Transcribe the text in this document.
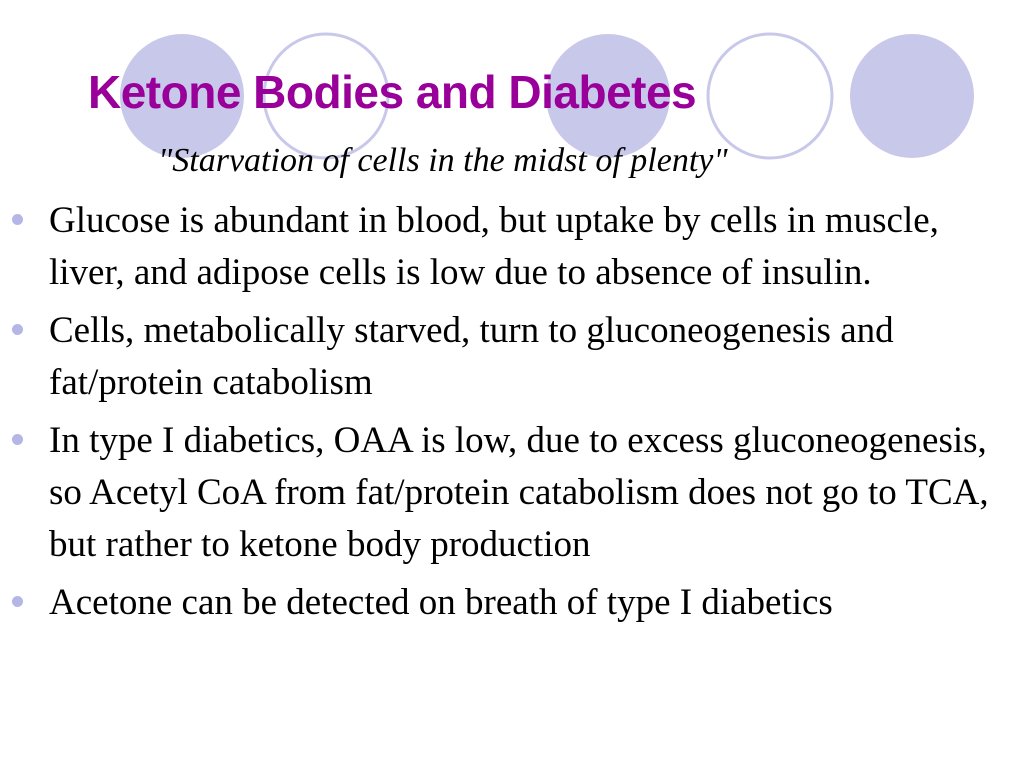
Ketone Bodies and Diabetes

"Starvation of cells in the midst of plenty"

Glucose is abundant in blood, but uptake by cells in muscle, liver, and adipose cells is low due to absence of insulin.
Cells, metabolically starved, turn to gluconeogenesis and fat/protein catabolism
In type I diabetics, OAA is low, due to excess gluconeogenesis, so Acetyl CoA from fat/protein catabolism does not go to TCA, but rather to ketone body production
Acetone can be detected on breath of type I diabetics
